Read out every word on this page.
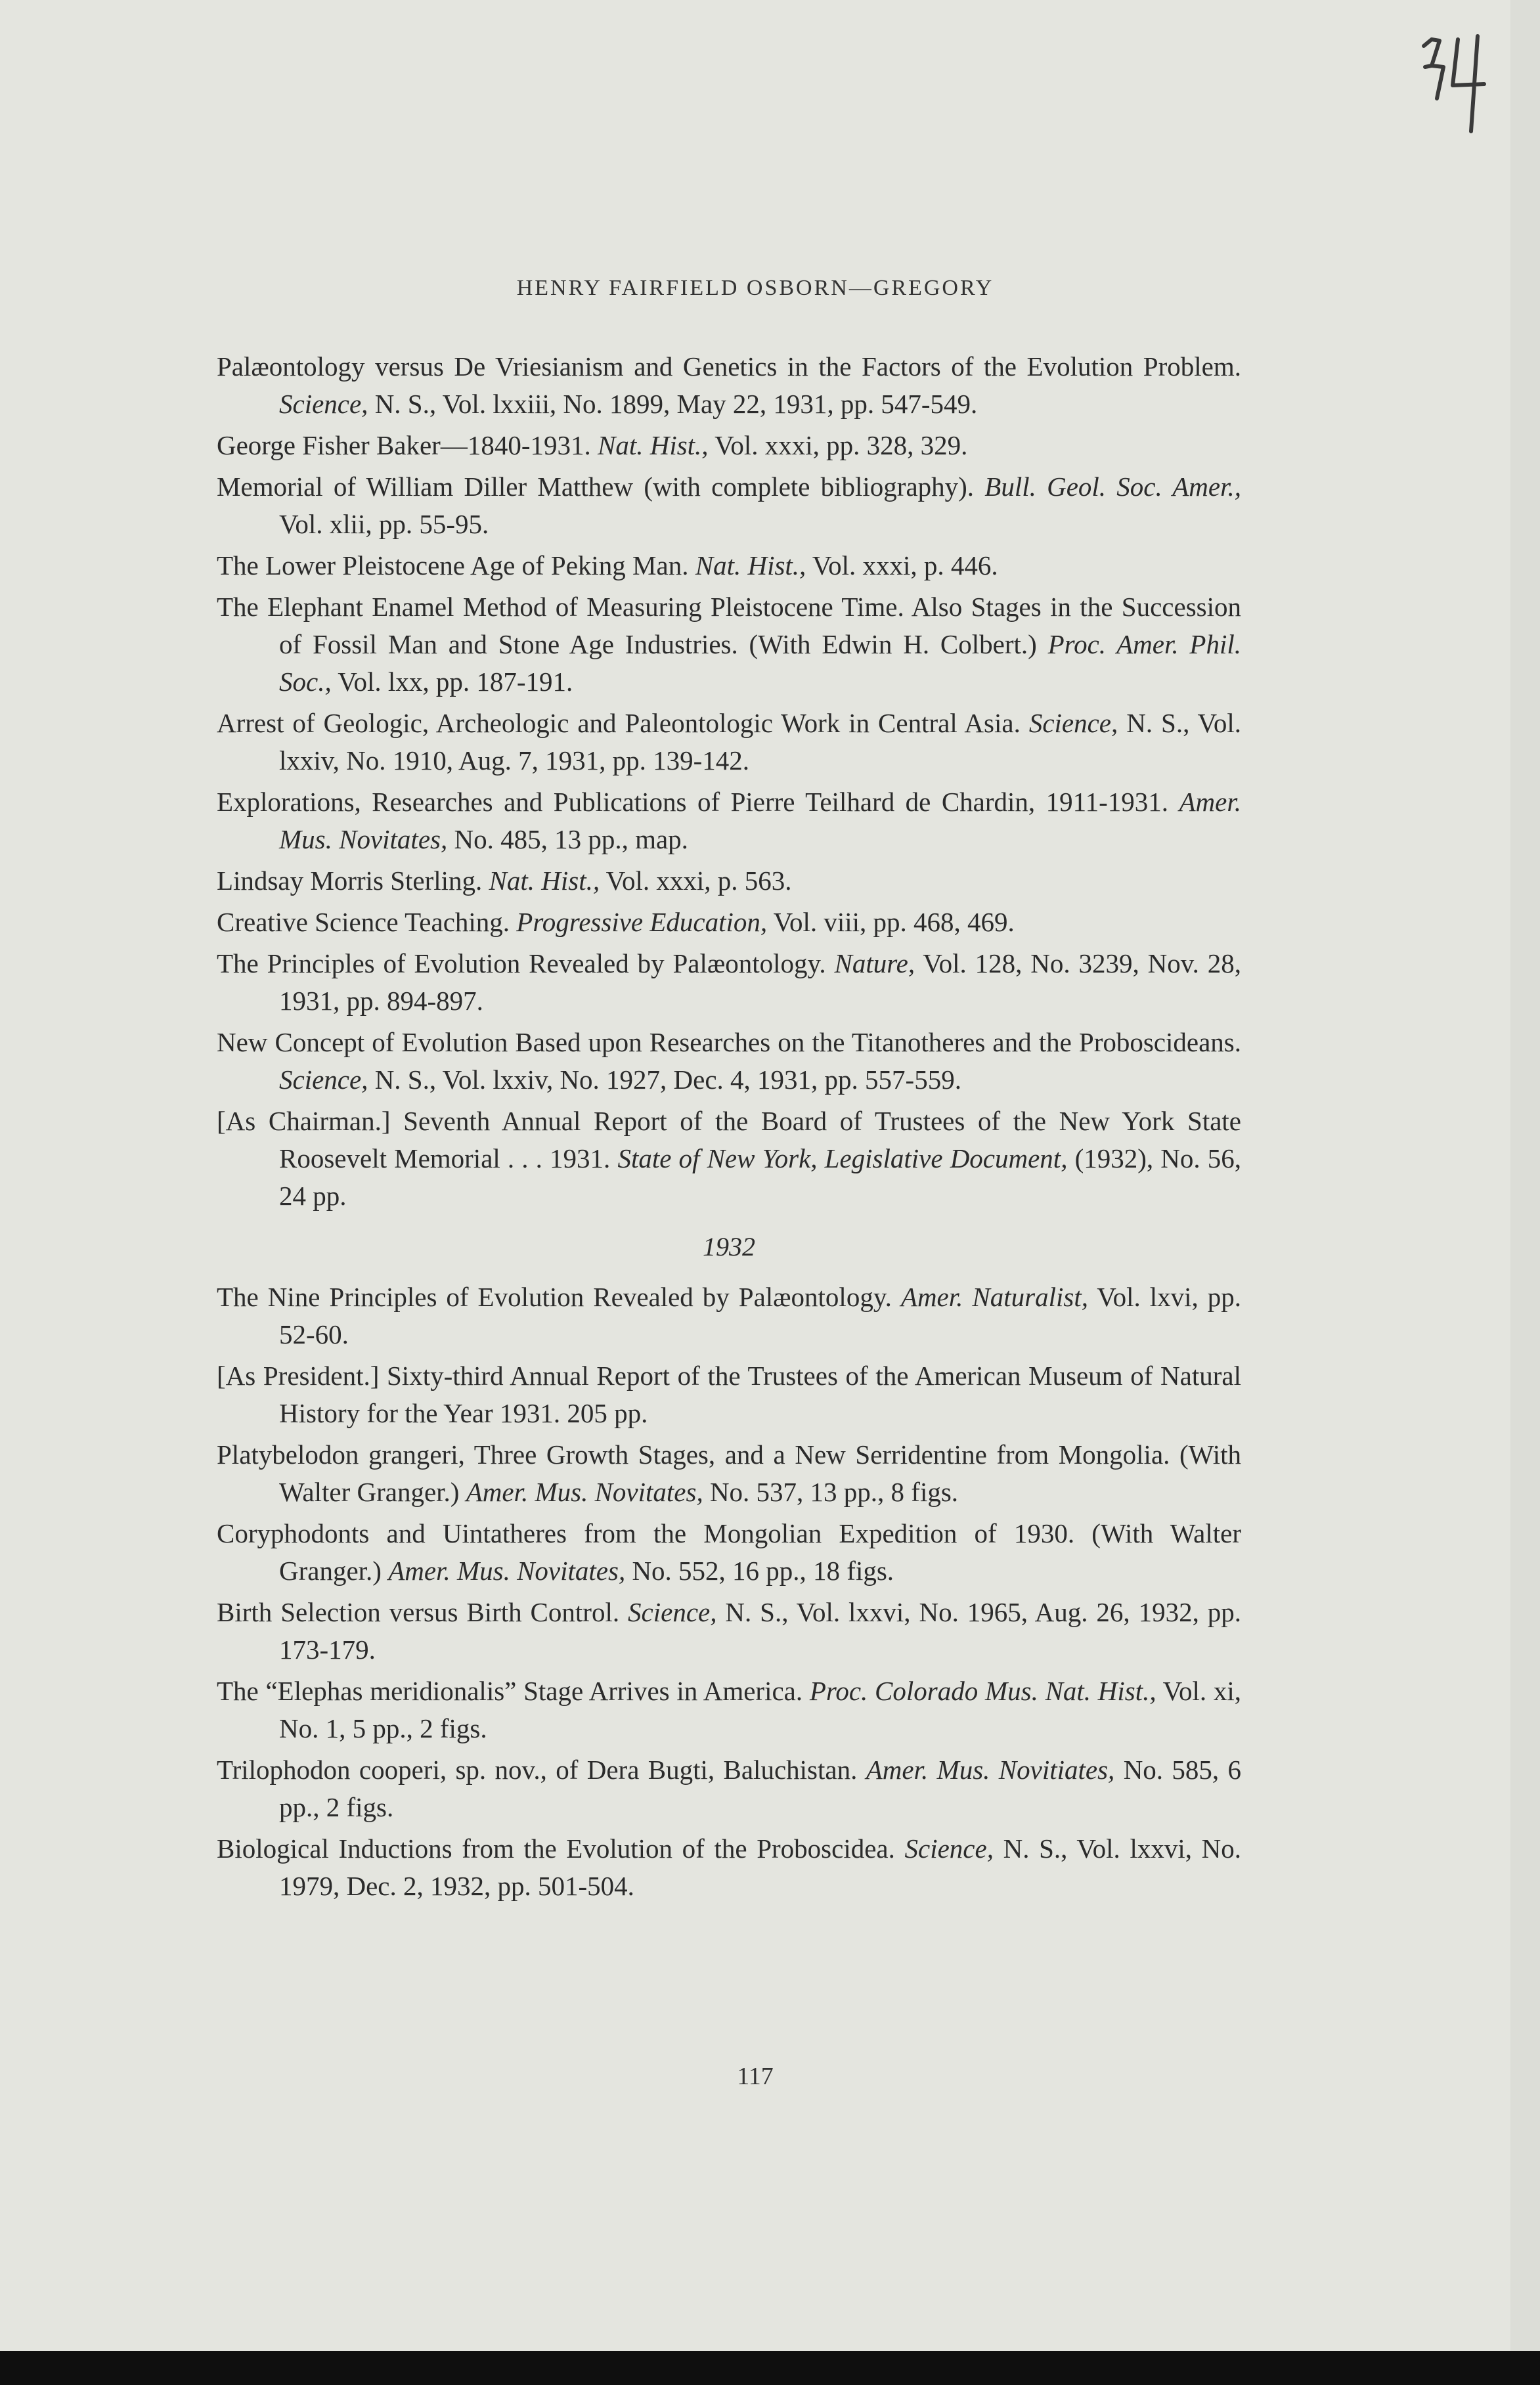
HENRY FAIRFIELD OSBORN—GREGORY

Palæontology versus De Vriesianism and Genetics in the Factors of the Evolution Problem. Science, N. S., Vol. lxxiii, No. 1899, May 22, 1931, pp. 547-549.

George Fisher Baker—1840-1931. Nat. Hist., Vol. xxxi, pp. 328, 329.

Memorial of William Diller Matthew (with complete bibliography). Bull. Geol. Soc. Amer., Vol. xlii, pp. 55-95.

The Lower Pleistocene Age of Peking Man. Nat. Hist., Vol. xxxi, p. 446.

The Elephant Enamel Method of Measuring Pleistocene Time. Also Stages in the Succession of Fossil Man and Stone Age Industries. (With Edwin H. Colbert.) Proc. Amer. Phil. Soc., Vol. lxx, pp. 187-191.

Arrest of Geologic, Archeologic and Paleontologic Work in Central Asia. Science, N. S., Vol. lxxiv, No. 1910, Aug. 7, 1931, pp. 139-142.

Explorations, Researches and Publications of Pierre Teilhard de Chardin, 1911-1931. Amer. Mus. Novitates, No. 485, 13 pp., map.

Lindsay Morris Sterling. Nat. Hist., Vol. xxxi, p. 563.

Creative Science Teaching. Progressive Education, Vol. viii, pp. 468, 469.

The Principles of Evolution Revealed by Palæontology. Nature, Vol. 128, No. 3239, Nov. 28, 1931, pp. 894-897.

New Concept of Evolution Based upon Researches on the Titanotheres and the Proboscideans. Science, N. S., Vol. lxxiv, No. 1927, Dec. 4, 1931, pp. 557-559.

[As Chairman.] Seventh Annual Report of the Board of Trustees of the New York State Roosevelt Memorial . . . 1931. State of New York, Legislative Document, (1932), No. 56, 24 pp.

1932

The Nine Principles of Evolution Revealed by Palæontology. Amer. Naturalist, Vol. lxvi, pp. 52-60.

[As President.] Sixty-third Annual Report of the Trustees of the American Museum of Natural History for the Year 1931. 205 pp.

Platybelodon grangeri, Three Growth Stages, and a New Serridentine from Mongolia. (With Walter Granger.) Amer. Mus. Novitates, No. 537, 13 pp., 8 figs.

Coryphodonts and Uintatheres from the Mongolian Expedition of 1930. (With Walter Granger.) Amer. Mus. Novitates, No. 552, 16 pp., 18 figs.

Birth Selection versus Birth Control. Science, N. S., Vol. lxxvi, No. 1965, Aug. 26, 1932, pp. 173-179.

The “Elephas meridionalis” Stage Arrives in America. Proc. Colorado Mus. Nat. Hist., Vol. xi, No. 1, 5 pp., 2 figs.

Trilophodon cooperi, sp. nov., of Dera Bugti, Baluchistan. Amer. Mus. Novitiates, No. 585, 6 pp., 2 figs.

Biological Inductions from the Evolution of the Proboscidea. Science, N. S., Vol. lxxvi, No. 1979, Dec. 2, 1932, pp. 501-504.

117
